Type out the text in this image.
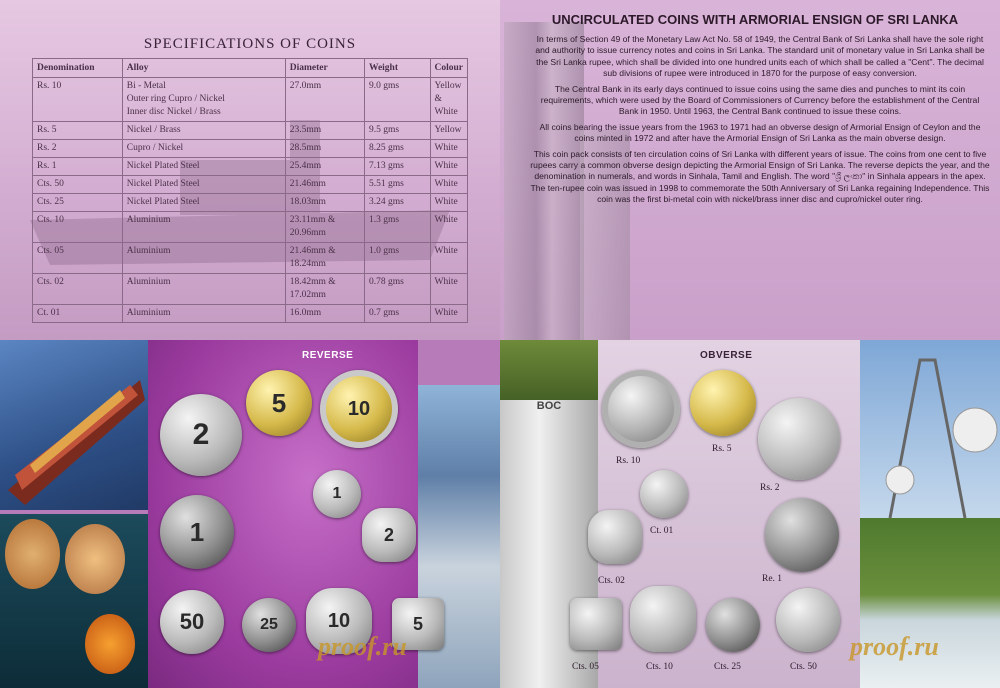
SPECIFICATIONS OF COINS
Denomination	Alloy	Diameter	Weight	Colour
Rs. 10	Bi - Metal
Outer ring Cupro / Nickel
Inner disc Nickel / Brass	27.0mm	9.0 gms	Yellow &
White
Rs. 5	Nickel / Brass	23.5mm	9.5 gms	Yellow
Rs. 2	Cupro / Nickel	28.5mm	8.25 gms	White
Rs. 1	Nickel Plated Steel	25.4mm	7.13 gms	White
Cts. 50	Nickel Plated Steel	21.46mm	5.51 gms	White
Cts. 25	Nickel Plated Steel	18.03mm	3.24 gms	White
Cts. 10	Aluminium	23.11mm &
20.96mm	1.3 gms	White
Cts. 05	Aluminium	21.46mm &
18.24mm	1.0 gms	White
Cts. 02	Aluminium	18.42mm &
17.02mm	0.78 gms	White
Ct. 01	Aluminium	16.0mm	0.7 gms	White
UNCIRCULATED COINS WITH ARMORIAL ENSIGN OF SRI LANKA

In terms of Section 49 of the Monetary Law Act No. 58 of 1949, the Central Bank of Sri Lanka shall have the sole right and authority to issue currency notes and coins in Sri Lanka. The standard unit of monetary value in Sri Lanka shall be the Sri Lanka rupee, which shall be divided into one hundred units each of which shall be called a "Cent". The decimal sub divisions of rupee were introduced in 1870 for the purpose of easy conversion.

The Central Bank in its early days continued to issue coins using the same dies and punches to mint its coin requirements, which were used by the Board of Commissioners of Currency before the establishment of the Central Bank in 1950. Until 1963, the Central Bank continued to issue these coins.

All coins bearing the issue years from the 1963 to 1971 had an obverse design of Armorial Ensign of Ceylon and the coins minted in 1972 and after have the Armorial Ensign of Sri Lanka as the main obverse design.

This coin pack consists of ten circulation coins of Sri Lanka with different years of issue. The coins from one cent to five rupees carry a common obverse design depicting the Armorial Ensign of Sri Lanka. The reverse depicts the year, and the denomination in numerals, and words in Sinhala, Tamil and English. The word "ශ්‍රී ලංකා" in Sinhala appears in the apex. The ten-rupee coin was issued in 1998 to commemorate the 50th Anniversary of Sri Lanka regaining Independence. This coin was the first bi-metal coin with nickel/brass inner disc and cupro/nickel outer ring.

REVERSE
2
5	10
1
2
1
50	25	10	5
proof.ru
BOC
OBVERSE
Rs. 10
Rs. 5
Rs. 2
Ct. 01
Cts. 02	Re. 1
Cts. 05	Cts. 10	Cts. 25	Cts. 50
proof.ru
